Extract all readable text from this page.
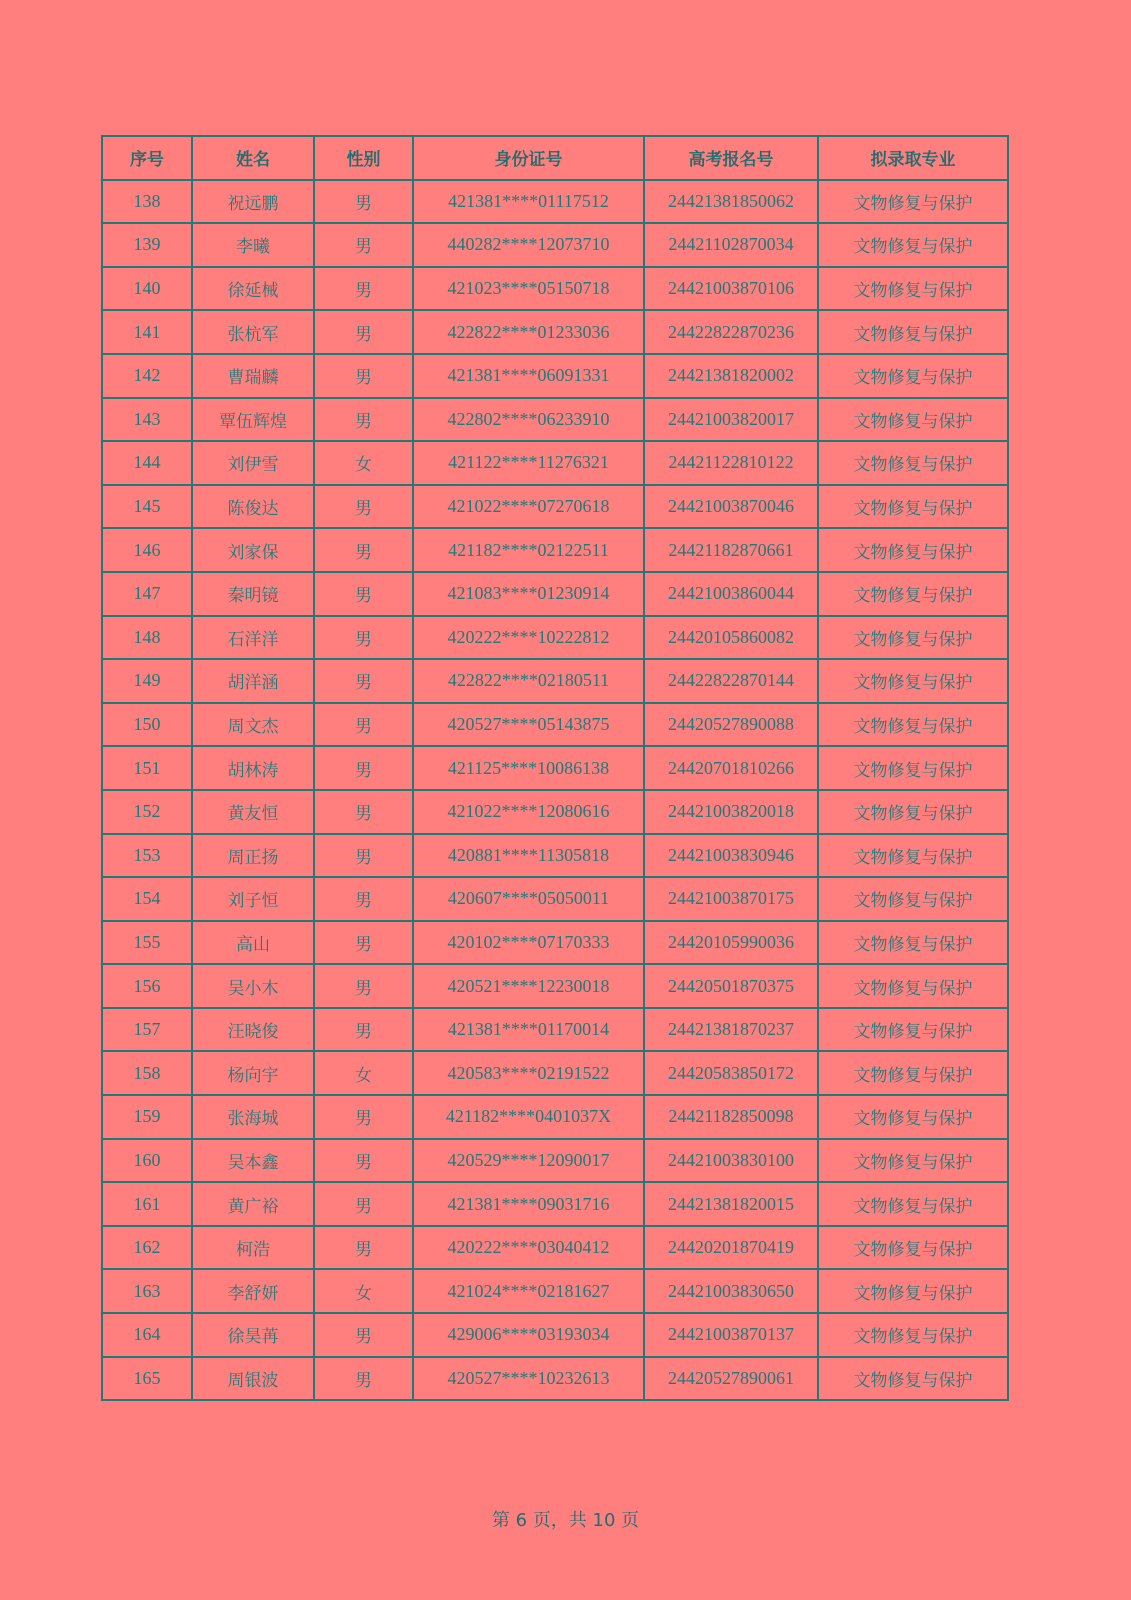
序号	姓名	性别	身份证号	高考报名号	拟录取专业
138	祝远鹏	男	421381****01117512	24421381850062	文物修复与保护
139	李曦	男	440282****12073710	24421102870034	文物修复与保护
140	徐延械	男	421023****05150718	24421003870106	文物修复与保护
141	张杭军	男	422822****01233036	24422822870236	文物修复与保护
142	曹瑞麟	男	421381****06091331	24421381820002	文物修复与保护
143	覃伍辉煌	男	422802****06233910	24421003820017	文物修复与保护
144	刘伊雪	女	421122****11276321	24421122810122	文物修复与保护
145	陈俊达	男	421022****07270618	24421003870046	文物修复与保护
146	刘家保	男	421182****02122511	24421182870661	文物修复与保护
147	秦明镜	男	421083****01230914	24421003860044	文物修复与保护
148	石洋洋	男	420222****10222812	24420105860082	文物修复与保护
149	胡洋涵	男	422822****02180511	24422822870144	文物修复与保护
150	周文杰	男	420527****05143875	24420527890088	文物修复与保护
151	胡林涛	男	421125****10086138	24420701810266	文物修复与保护
152	黄友恒	男	421022****12080616	24421003820018	文物修复与保护
153	周正扬	男	420881****11305818	24421003830946	文物修复与保护
154	刘子恒	男	420607****05050011	24421003870175	文物修复与保护
155	高山	男	420102****07170333	24420105990036	文物修复与保护
156	吴小木	男	420521****12230018	24420501870375	文物修复与保护
157	汪晓俊	男	421381****01170014	24421381870237	文物修复与保护
158	杨向宇	女	420583****02191522	24420583850172	文物修复与保护
159	张海城	男	421182****0401037X	24421182850098	文物修复与保护
160	吴本鑫	男	420529****12090017	24421003830100	文物修复与保护
161	黄广裕	男	421381****09031716	24421381820015	文物修复与保护
162	柯浩	男	420222****03040412	24420201870419	文物修复与保护
163	李舒妍	女	421024****02181627	24421003830650	文物修复与保护
164	徐昊苒	男	429006****03193034	24421003870137	文物修复与保护
165	周银波	男	420527****10232613	24420527890061	文物修复与保护
第 6 页，共 10 页
